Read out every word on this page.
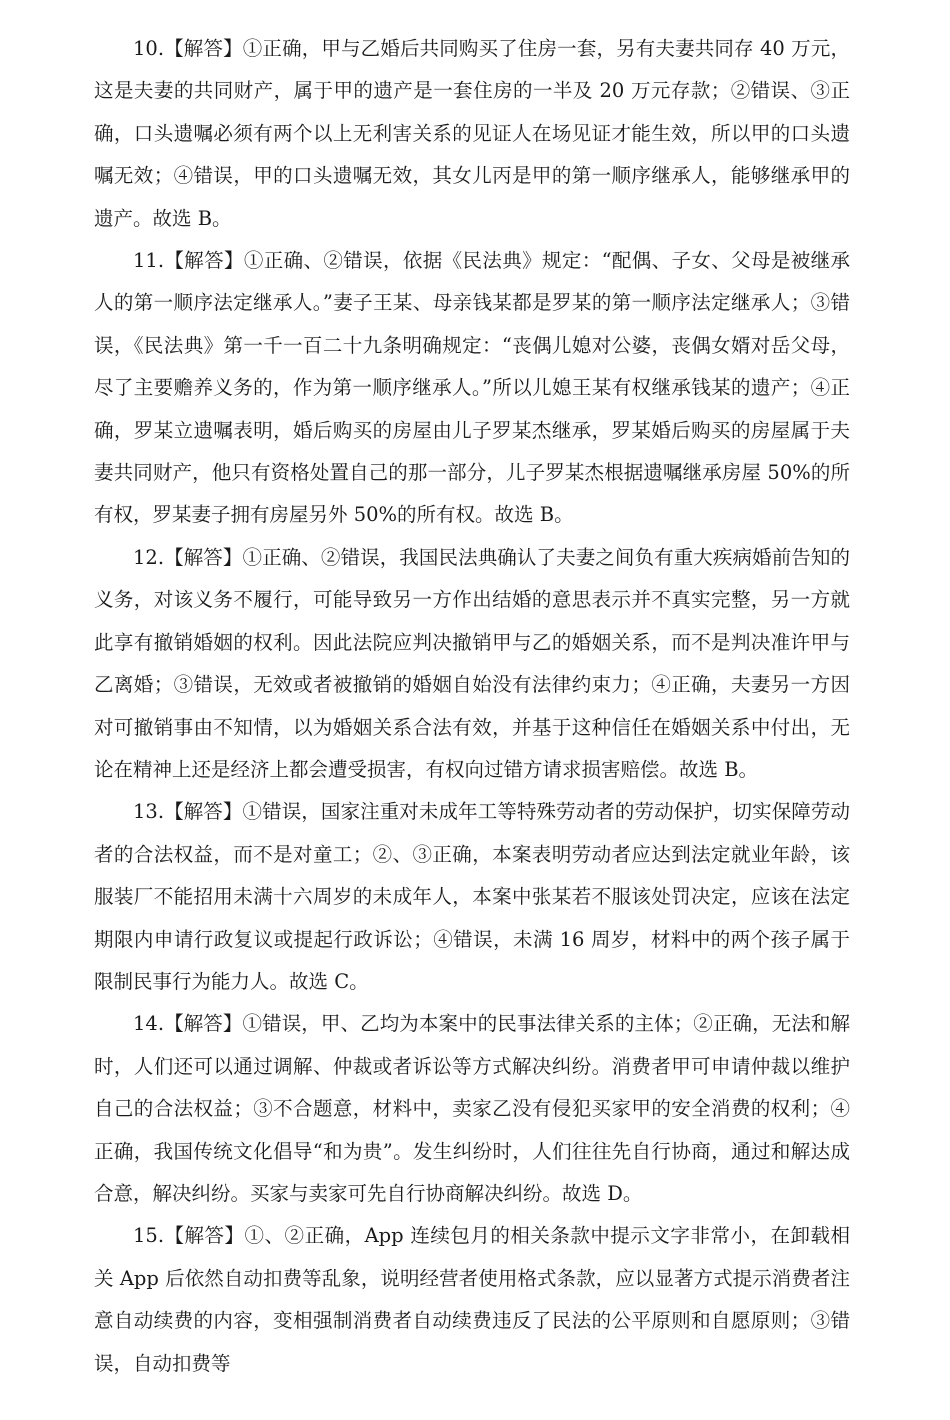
10.【解答】①正确，甲与乙婚后共同购买了住房一套，另有夫妻共同存 40 万元，这是夫妻的共同财产，属于甲的遗产是一套住房的一半及 20 万元存款；②错误、③正确，口头遗嘱必须有两个以上无利害关系的见证人在场见证才能生效，所以甲的口头遗嘱无效；④错误，甲的口头遗嘱无效，其女儿丙是甲的第一顺序继承人，能够继承甲的遗产。故选 B。

11.【解答】①正确、②错误，依据《民法典》规定：“配偶、子女、父母是被继承人的第一顺序法定继承人。”妻子王某、母亲钱某都是罗某的第一顺序法定继承人；③错误，《民法典》第一千一百二十九条明确规定：“丧偶儿媳对公婆，丧偶女婿对岳父母，尽了主要赡养义务的，作为第一顺序继承人。”所以儿媳王某有权继承钱某的遗产；④正确，罗某立遗嘱表明，婚后购买的房屋由儿子罗某杰继承，罗某婚后购买的房屋属于夫妻共同财产，他只有资格处置自己的那一部分，儿子罗某杰根据遗嘱继承房屋 50%的所有权，罗某妻子拥有房屋另外 50%的所有权。故选 B。

12.【解答】①正确、②错误，我国民法典确认了夫妻之间负有重大疾病婚前告知的义务，对该义务不履行，可能导致另一方作出结婚的意思表示并不真实完整，另一方就此享有撤销婚姻的权利。因此法院应判决撤销甲与乙的婚姻关系，而不是判决准许甲与乙离婚；③错误，无效或者被撤销的婚姻自始没有法律约束力；④正确，夫妻另一方因对可撤销事由不知情，以为婚姻关系合法有效，并基于这种信任在婚姻关系中付出，无论在精神上还是经济上都会遭受损害，有权向过错方请求损害赔偿。故选 B。

13.【解答】①错误，国家注重对未成年工等特殊劳动者的劳动保护，切实保障劳动者的合法权益，而不是对童工；②、③正确，本案表明劳动者应达到法定就业年龄，该服装厂不能招用未满十六周岁的未成年人，本案中张某若不服该处罚决定，应该在法定期限内申请行政复议或提起行政诉讼；④错误，未满 16 周岁，材料中的两个孩子属于限制民事行为能力人。故选 C。

14.【解答】①错误，甲、乙均为本案中的民事法律关系的主体；②正确，无法和解时，人们还可以通过调解、仲裁或者诉讼等方式解决纠纷。消费者甲可申请仲裁以维护自己的合法权益；③不合题意，材料中，卖家乙没有侵犯买家甲的安全消费的权利；④正确，我国传统文化倡导“和为贵”。发生纠纷时，人们往往先自行协商，通过和解达成合意，解决纠纷。买家与卖家可先自行协商解决纠纷。故选 D。

15.【解答】①、②正确，App 连续包月的相关条款中提示文字非常小，在卸载相关 App 后依然自动扣费等乱象，说明经营者使用格式条款，应以显著方式提示消费者注意自动续费的内容，变相强制消费者自动续费违反了民法的公平原则和自愿原则；③错误，自动扣费等
